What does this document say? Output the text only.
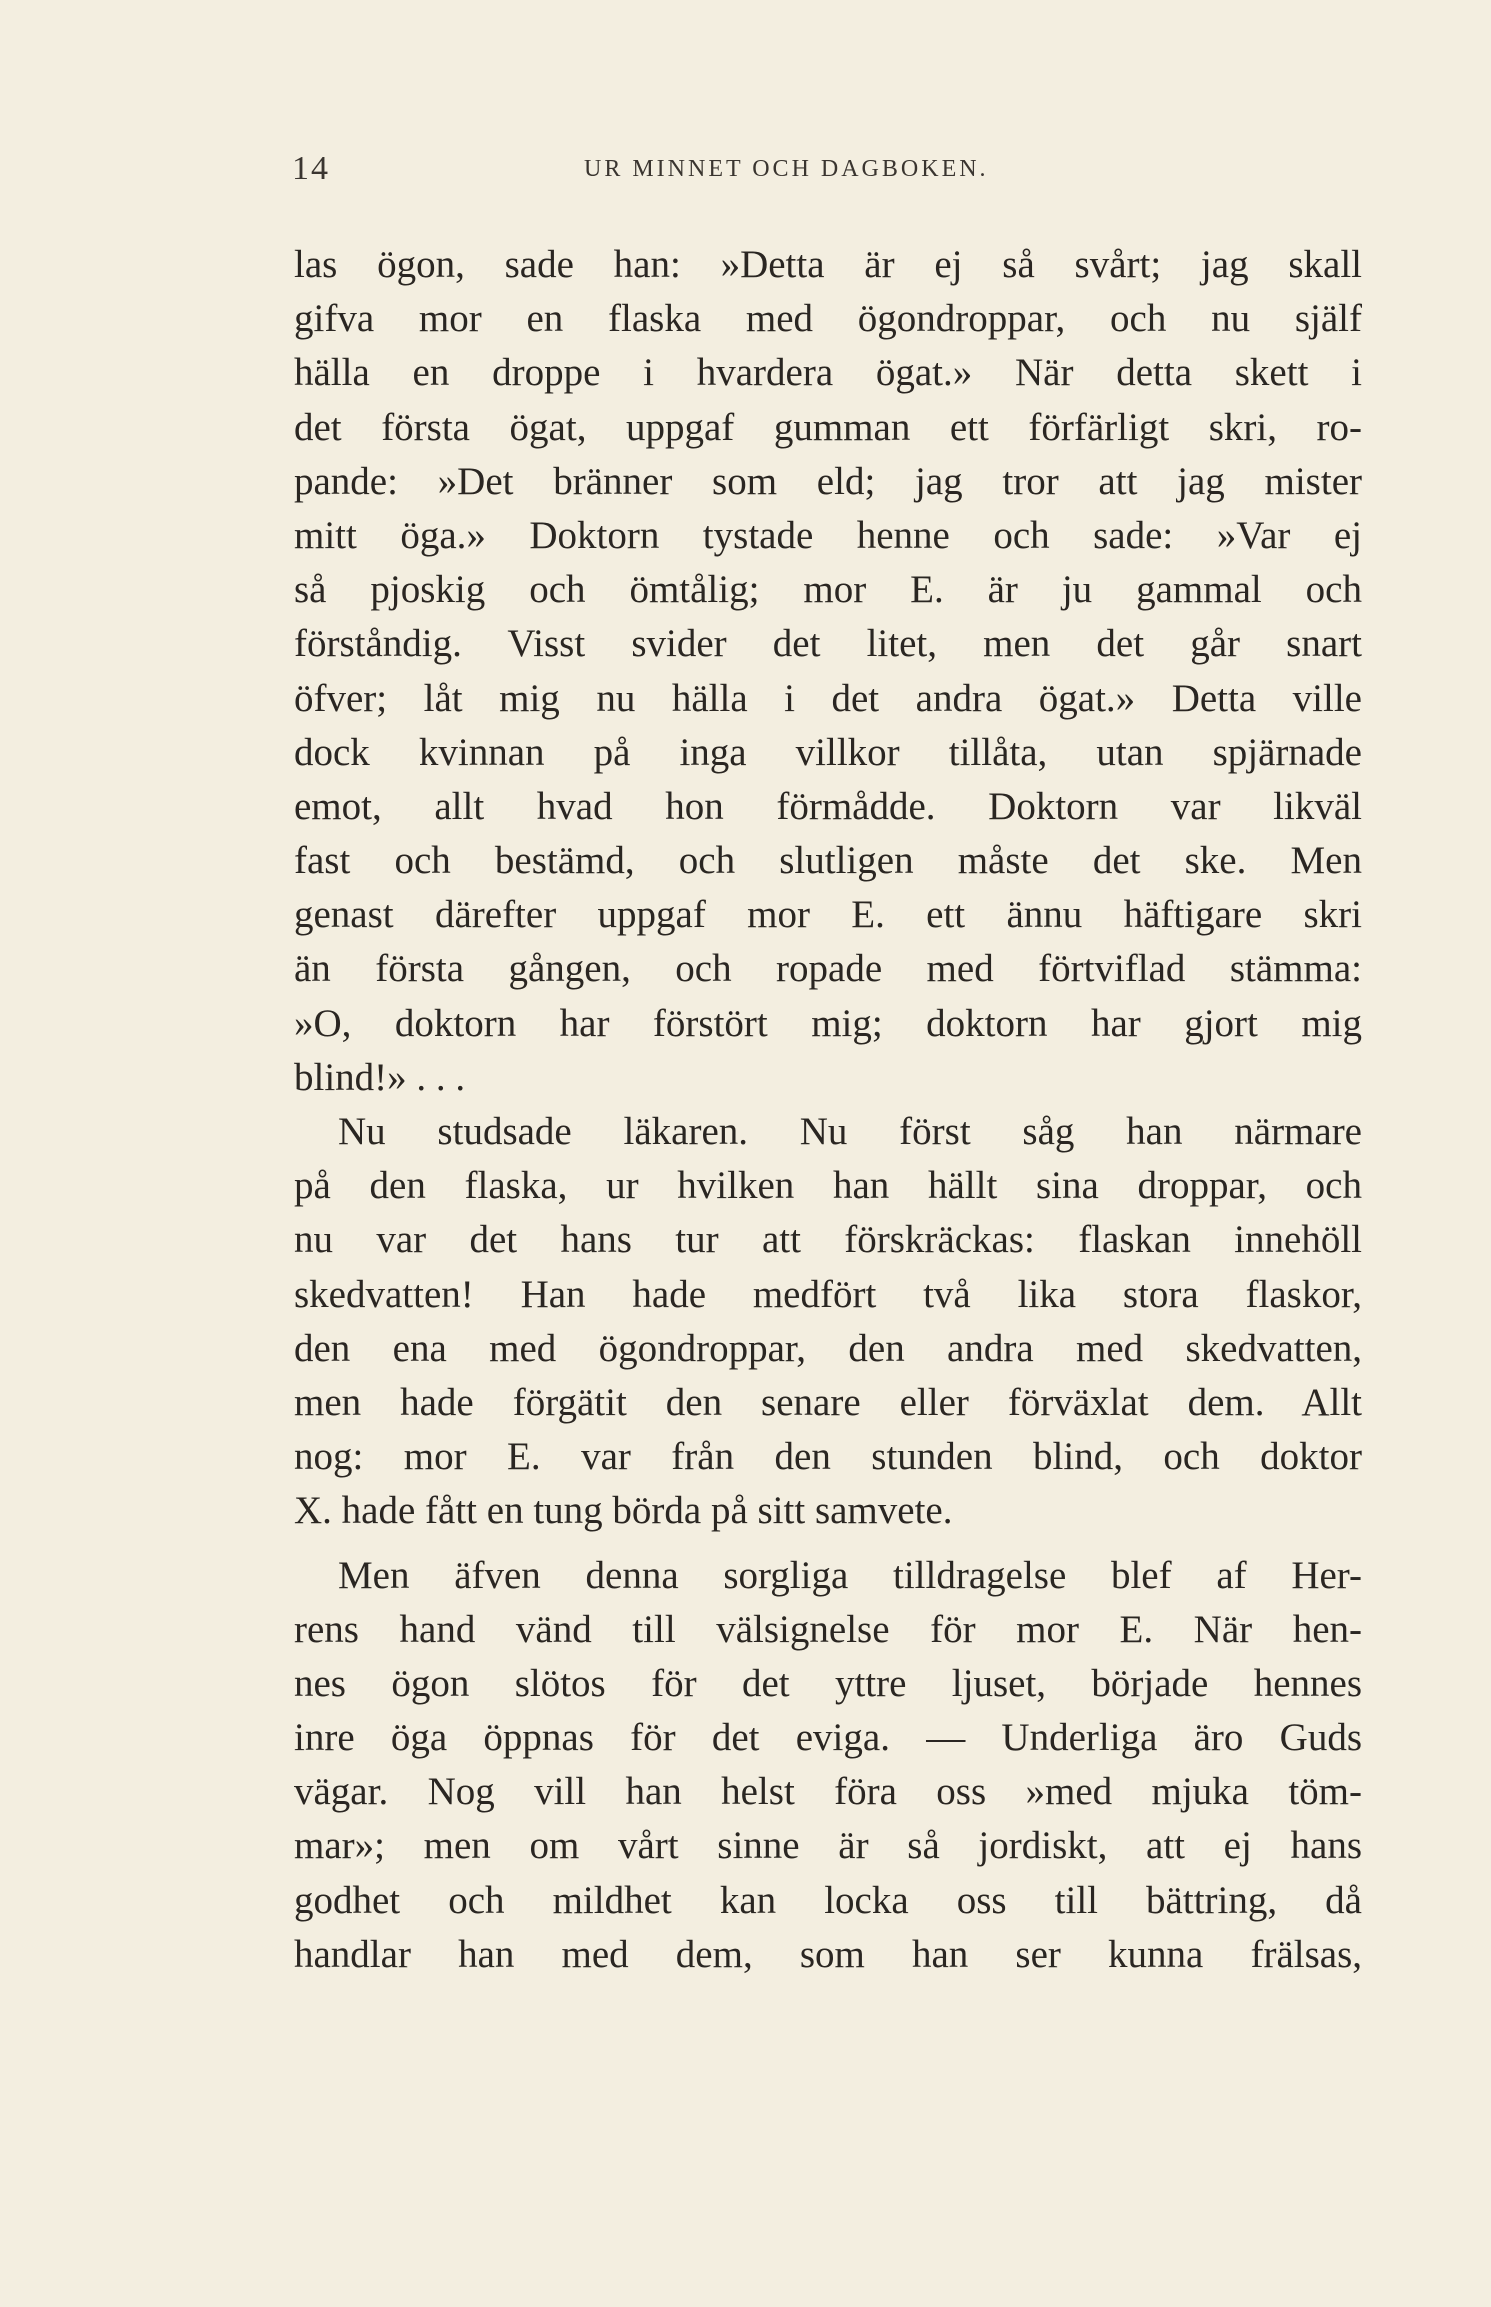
14	UR MINNET OCH DAGBOKEN.
las ögon, sade han: »Detta är ej så svårt; jag skall
gifva mor en flaska med ögondroppar, och nu själf
hälla en droppe i hvardera ögat.» När detta skett i
det första ögat, uppgaf gumman ett förfärligt skri, ro-
pande: »Det bränner som eld; jag tror att jag mister
mitt öga.» Doktorn tystade henne och sade: »Var ej
så pjoskig och ömtålig; mor E. är ju gammal och
förståndig. Visst svider det litet, men det går snart
öfver; låt mig nu hälla i det andra ögat.» Detta ville
dock kvinnan på inga villkor tillåta, utan spjärnade
emot, allt hvad hon förmådde. Doktorn var likväl
fast och bestämd, och slutligen måste det ske. Men
genast därefter uppgaf mor E. ett ännu häftigare skri
än första gången, och ropade med förtviflad stämma:
»O, doktorn har förstört mig; doktorn har gjort mig
blind!» . . .
Nu studsade läkaren. Nu först såg han närmare
på den flaska, ur hvilken han hällt sina droppar, och
nu var det hans tur att förskräckas: flaskan innehöll
skedvatten! Han hade medfört två lika stora flaskor,
den ena med ögondroppar, den andra med skedvatten,
men hade förgätit den senare eller förväxlat dem. Allt
nog: mor E. var från den stunden blind, och doktor
X. hade fått en tung börda på sitt samvete.
Men äfven denna sorgliga tilldragelse blef af Her-
rens hand vänd till välsignelse för mor E. När hen-
nes ögon slötos för det yttre ljuset, började hennes
inre öga öppnas för det eviga. — Underliga äro Guds
vägar. Nog vill han helst föra oss »med mjuka töm-
mar»; men om vårt sinne är så jordiskt, att ej hans
godhet och mildhet kan locka oss till bättring, då
handlar han med dem, som han ser kunna frälsas,
